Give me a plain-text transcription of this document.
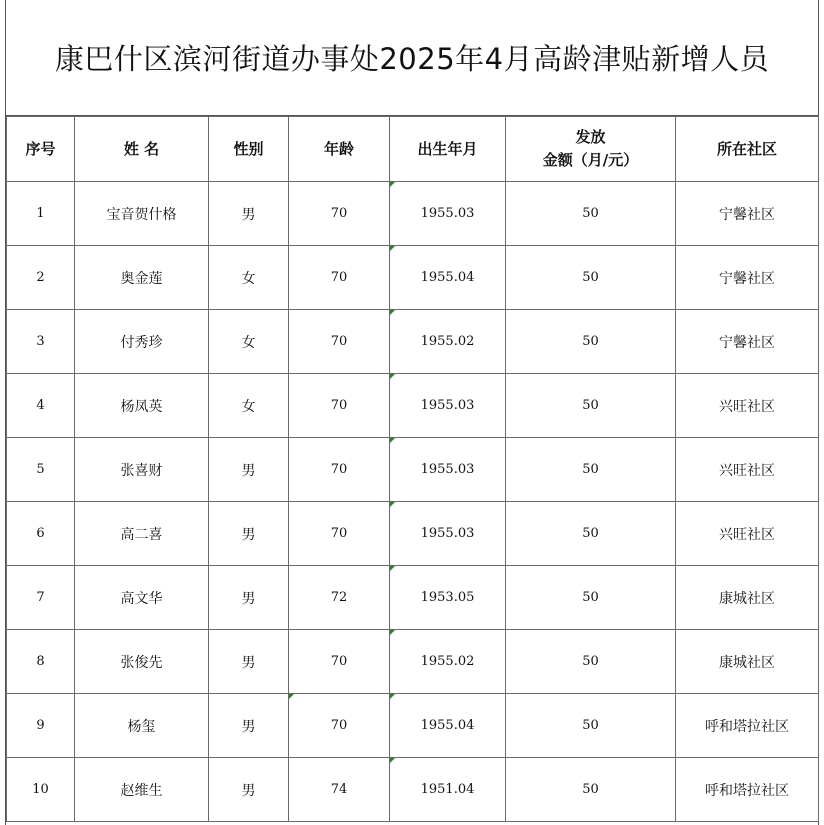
康巴什区滨河街道办事处2025年4月高龄津贴新增人员
序号	姓 名	性别	年龄	出生年月	发放
金额（月/元）	所在社区
1	宝音贺什格	男	70	1955.03	50	宁馨社区
2	奥金莲	女	70	1955.04	50	宁馨社区
3	付秀珍	女	70	1955.02	50	宁馨社区
4	杨凤英	女	70	1955.03	50	兴旺社区
5	张喜财	男	70	1955.03	50	兴旺社区
6	高二喜	男	70	1955.03	50	兴旺社区
7	高文华	男	72	1953.05	50	康城社区
8	张俊先	男	70	1955.02	50	康城社区
9	杨玺	男	70	1955.04	50	呼和塔拉社区
10	赵维生	男	74	1951.04	50	呼和塔拉社区
